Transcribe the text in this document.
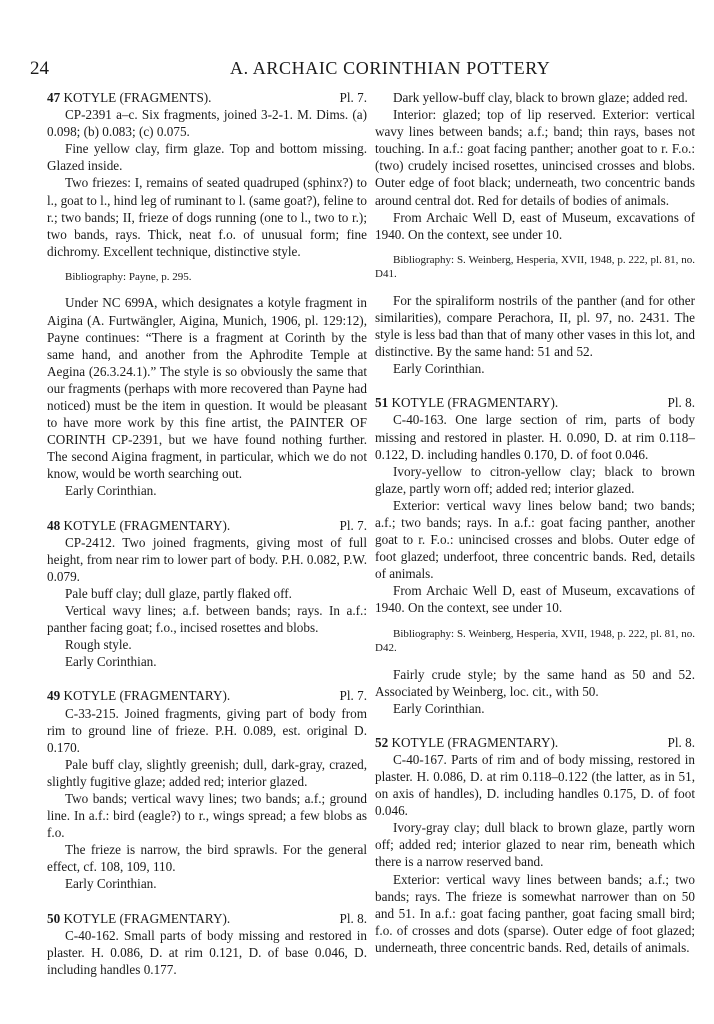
24	A. ARCHAIC CORINTHIAN POTTERY

47 KOTYLE (FRAGMENTS).	Pl. 7.

CP-2391 a–c. Six fragments, joined 3-2-1. M. Dims. (a) 0.098; (b) 0.083; (c) 0.075.

Fine yellow clay, firm glaze. Top and bottom missing. Glazed inside.

Two friezes: I, remains of seated quadruped (sphinx?) to l., goat to l., hind leg of ruminant to l. (same goat?), feline to r.; two bands; II, frieze of dogs running (one to l., two to r.); two bands, rays. Thick, neat f.o. of unusual form; fine dichromy. Excellent technique, distinctive style.

Bibliography: Payne, p. 295.

Under NC 699A, which designates a kotyle fragment in Aigina (A. Furtwängler, Aigina, Munich, 1906, pl. 129:12), Payne continues: “There is a fragment at Corinth by the same hand, and another from the Aphrodite Temple at Aegina (26.3.24.1).” The style is so obviously the same that our fragments (perhaps with more recovered than Payne had noticed) must be the item in question. It would be pleasant to have more work by this fine artist, the PAINTER OF CORINTH CP-2391, but we have found nothing further. The second Aigina fragment, in particular, which we do not know, would be worth searching out.

Early Corinthian.

48 KOTYLE (FRAGMENTARY).	Pl. 7.

CP-2412. Two joined fragments, giving most of full height, from near rim to lower part of body. P.H. 0.082, P.W. 0.079.

Pale buff clay; dull glaze, partly flaked off.

Vertical wavy lines; a.f. between bands; rays. In a.f.: panther facing goat; f.o., incised rosettes and blobs.

Rough style.

Early Corinthian.

49 KOTYLE (FRAGMENTARY).	Pl. 7.

C-33-215. Joined fragments, giving part of body from rim to ground line of frieze. P.H. 0.089, est. original D. 0.170.

Pale buff clay, slightly greenish; dull, dark-gray, crazed, slightly fugitive glaze; added red; interior glazed.

Two bands; vertical wavy lines; two bands; a.f.; ground line. In a.f.: bird (eagle?) to r., wings spread; a few blobs as f.o.

The frieze is narrow, the bird sprawls. For the general effect, cf. 108, 109, 110.

Early Corinthian.

50 KOTYLE (FRAGMENTARY).	Pl. 8.

C-40-162. Small parts of body missing and restored in plaster. H. 0.086, D. at rim 0.121, D. of base 0.046, D. including handles 0.177.

Dark yellow-buff clay, black to brown glaze; added red.

Interior: glazed; top of lip reserved. Exterior: vertical wavy lines between bands; a.f.; band; thin rays, bases not touching. In a.f.: goat facing panther; another goat to r. F.o.: (two) crudely incised rosettes, unincised crosses and blobs. Outer edge of foot black; underneath, two concentric bands around central dot. Red for details of bodies of animals.

From Archaic Well D, east of Museum, excavations of 1940. On the context, see under 10.

Bibliography: S. Weinberg, Hesperia, XVII, 1948, p. 222, pl. 81, no. D41.

For the spiraliform nostrils of the panther (and for other similarities), compare Perachora, II, pl. 97, no. 2431. The style is less bad than that of many other vases in this lot, and distinctive. By the same hand: 51 and 52.

Early Corinthian.

51 KOTYLE (FRAGMENTARY).	Pl. 8.

C-40-163. One large section of rim, parts of body missing and restored in plaster. H. 0.090, D. at rim 0.118–0.122, D. including handles 0.170, D. of foot 0.046.

Ivory-yellow to citron-yellow clay; black to brown glaze, partly worn off; added red; interior glazed.

Exterior: vertical wavy lines below band; two bands; a.f.; two bands; rays. In a.f.: goat facing panther, another goat to r. F.o.: unincised crosses and blobs. Outer edge of foot glazed; underfoot, three concentric bands. Red, details of animals.

From Archaic Well D, east of Museum, excavations of 1940. On the context, see under 10.

Bibliography: S. Weinberg, Hesperia, XVII, 1948, p. 222, pl. 81, no. D42.

Fairly crude style; by the same hand as 50 and 52. Associated by Weinberg, loc. cit., with 50.

Early Corinthian.

52 KOTYLE (FRAGMENTARY).	Pl. 8.

C-40-167. Parts of rim and of body missing, restored in plaster. H. 0.086, D. at rim 0.118–0.122 (the latter, as in 51, on axis of handles), D. including handles 0.175, D. of foot 0.046.

Ivory-gray clay; dull black to brown glaze, partly worn off; added red; interior glazed to near rim, beneath which there is a narrow reserved band.

Exterior: vertical wavy lines between bands; a.f.; two bands; rays. The frieze is somewhat narrower than on 50 and 51. In a.f.: goat facing panther, goat facing small bird; f.o. of crosses and dots (sparse). Outer edge of foot glazed; underneath, three concentric bands. Red, details of animals.
